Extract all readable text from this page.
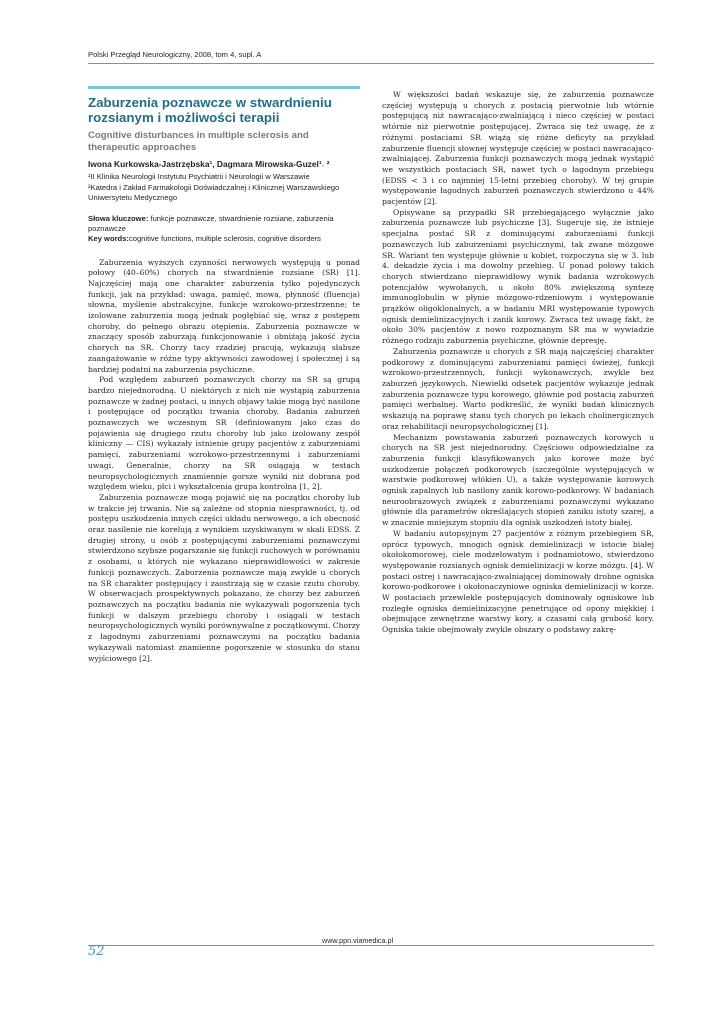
Polski Przegląd Neurologiczny, 2008, tom 4, supl. A
Zaburzenia poznawcze w stwardnieniu rozsianym i możliwości terapii
Cognitive disturbances in multiple sclerosis and therapeutic approaches

Iwona Kurkowska-Jastrzębska¹, Dagmara Mirowska-Guzel¹˒ ²

¹II Klinika Neurologii Instytutu Psychiatrii i Neurologii w Warszawie

²Katedra i Zakład Farmakologii Doświadczalnej i Klinicznej Warszawskiego Uniwersytetu Medycznego

Słowa kluczowe: funkcje poznawcze, stwardnienie rozsiane, zaburzenia poznawcze

Key words:cognitive functions, multiple sclerosis, cognitive disorders

Zaburzenia wyższych czynności nerwowych występują u ponad połowy (40–60%) chorych na stwardnienie rozsiane (SR) [1]. Najczęściej mają one charakter zaburzenia tylko pojedynczych funkcji, jak na przykład: uwaga, pamięć, mowa, płynność (fluencja) słowna, myślenie abstrakcyjne, funkcje wzrokowo-przestrzenne; te izolowane zaburzenia mogą jednak pogłębiać się, wraz z postępem choroby, do pełnego obrazu otępienia. Zaburzenia poznawcze w znaczący sposób zaburzają funkcjonowanie i obniżają jakość życia chorych na SR. Chorzy tacy rzadziej pracują, wykazują słabsze zaangażowanie w różne typy aktywności zawodowej i społecznej i są bardziej podatni na zaburzenia psychiczne.

Pod względem zaburzeń poznawczych chorzy na SR są grupą bardzo niejednorodną. U niektórych z nich nie wystąpią zaburzenia poznawcze w żadnej postaci, u innych objawy takie mogą być nasilone i postępujące od początku trwania choroby. Badania zaburzeń poznawczych we wczesnym SR (definiowanym jako czas do pojawienia się drugiego rzutu choroby lub jako izolowany zespół kliniczny — CIS) wykazały istnienie grupy pacjentów z zaburzeniami pamięci, zaburzeniami wzrokowo-przestrzennymi i zaburzeniami uwagi. Generalnie, chorzy na SR osiągają w testach neuropsychologicznych znamiennie gorsze wyniki niż dobrana pod względem wieku, płci i wykształcenia grupa kontrolna [1, 2].

Zaburzenia poznawcze mogą pojawić się na początku choroby lub w trakcie jej trwania. Nie są zależne od stopnia niesprawności, tj. od postępu uszkodzenia innych części układu nerwowego, a ich obecność oraz nasilenie nie korelują z wynikiem uzyskiwanym w skali EDSS. Z drugiej strony, u osób z postępującymi zaburzeniami poznawczymi stwierdzono szybsze pogarszanie się funkcji ruchowych w porównaniu z osobami, u których nie wykazano nieprawidłowości w zakresie funkcji poznawczych. Zaburzenia poznawcze mają zwykle u chorych na SR charakter postępujący i zaostrzają się w czasie rzutu choroby. W obserwacjach prospektywnych pokazano, że chorzy bez zaburzeń poznawczych na początku badania nie wykazywali pogorszenia tych funkcji w dalszym przebiegu choroby i osiągali w testach neuropsychologicznych wyniki porównywalne z początkowymi. Chorzy z łagodnymi zaburzeniami poznawczymi na początku badania wykazywali natomiast znamienne pogorszenie w stosunku do stanu wyjściowego [2].

W większości badań wskazuje się, że zaburzenia poznawcze częściej występują u chorych z postacią pierwotnie lub wtórnie postępującą niż nawracająco-zwalniającą i nieco częściej w postaci wtórnie niż pierwotnie postępującej. Zwraca się też uwagę, że z różnymi postaciami SR wiążą się różne deficyty na przykład zaburzenie fluencji słownej występuje częściej w postaci nawracająco-zwalniającej. Zaburzenia funkcji poznawczych mogą jednak wystąpić we wszystkich postaciach SR, nawet tych o łagodnym przebiegu (EDSS < 3 i co najmniej 15-letni przebieg choroby). W tej grupie występowanie łagodnych zaburzeń poznawczych stwierdzono u 44% pacjentów [2].

Opisywane są przypadki SR przebiegającego wyłącznie jako zaburzenia poznawcze lub psychiczne [3]. Sugeruje się, że istnieje specjalna postać SR z dominującymi zaburzeniami funkcji poznawczych lub zaburzeniami psychicznymi, tak zwane mózgowe SR. Wariant ten występuje głównie u kobiet, rozpoczyna się w 3. lub 4. dekadzie życia i ma dowolny przebieg. U ponad połowy takich chorych stwierdzano nieprawidłowy wynik badania wzrokowych potencjałów wywołanych, u około 80% zwiększoną syntezę immunoglobulin w płynie mózgowo-rdzeniowym i występowanie prążków oligoklonalnych, a w badaniu MRI występowanie typowych ognisk demielinizacyjnych i zanik korowy. Zwraca też uwagę fakt, że około 30% pacjentów z nowo rozpoznanym SR ma w wywiadzie różnego rodzaju zaburzenia psychiczne, głównie depresję.

Zaburzenia poznawcze u chorych z SR mają najczęściej charakter podkorowy z dominującymi zaburzeniami pamięci świeżej, funkcji wzrokowo-przestrzennych, funkcji wykonawczych, zwykle bez zaburzeń językowych. Niewielki odsetek pacjentów wykazuje jednak zaburzenia poznawcze typu korowego, głównie pod postacią zaburzeń pamięci werbalnej. Warto podkreślić, że wyniki badań klinicznych wskazują na poprawę stanu tych chorych po lekach cholinergicznych oraz rehabilitacji neuropsychologicznej [1].

Mechanizm powstawania zaburzeń poznawczych korowych u chorych na SR jest niejednorodny. Częściowo odpowiedzialne za zaburzenia funkcji klasyfikowanych jako korowe może być uszkodzenie połączeń podkorowych (szczególnie występujących w warstwie podkorowej włókien U), a także występowanie korowych ognisk zapalnych lub nasilony zanik korowo-podkorowy. W badaniach neuroobrazowych związek z zaburzeniami poznawczymi wykazano głównie dla parametrów określających stopień zaniku istoty szarej, a w znacznie mniejszym stopniu dla ognisk uszkodzeń istoty białej.

W badaniu autopsyjnym 27 pacjentów z różnym przebiegiem SR, oprócz typowych, mnogich ognisk demielinizacji w istocie białej okołokomorowej, ciele modzelowatym i podnamiotowo, stwierdzono występowanie rozsianych ognisk demielinizacji w korze mózgu. [4]. W postaci ostrej i nawracająco-zwalniającej dominowały drobne ogniska korowo-podkorowe i okołonaczyniowe ogniska demielinizacji w korze. W postaciach przewlekle postępujących dominowały ogniskowe lub rozległe ogniska demielinizacyjne penetrujące od opony miękkiej i obejmujące zewnętrzne warstwy kory, a czasami całą grubość kory. Ogniska takie obejmowały zwykle obszary o podstawy zakrę-

www.ppn.viamedica.pl
52
